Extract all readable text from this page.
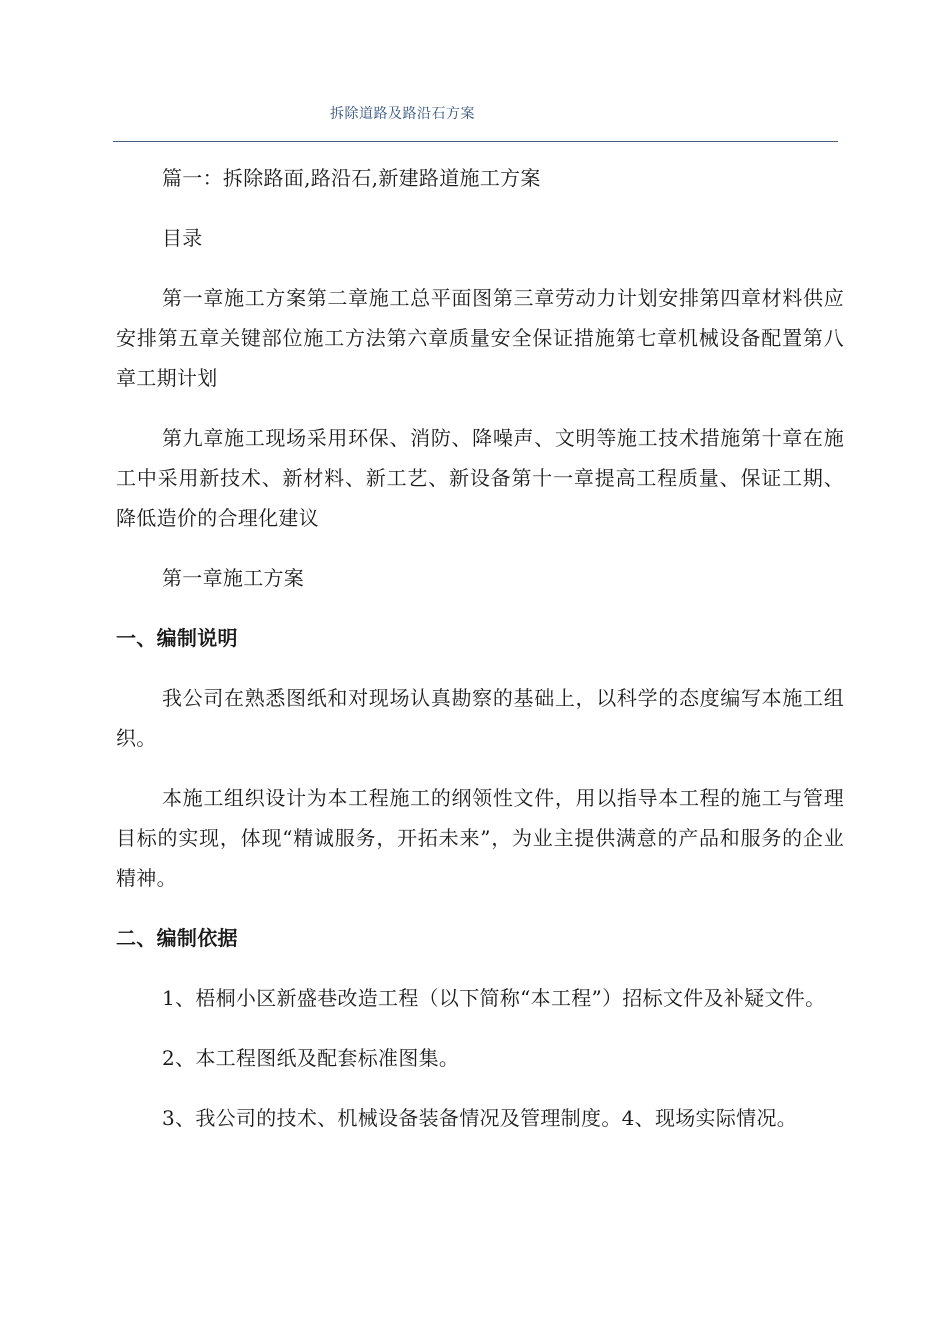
拆除道路及路沿石方案

篇一：拆除路面,路沿石,新建路道施工方案

目录

第一章施工方案第二章施工总平面图第三章劳动力计划安排第四章材料供应安排第五章关键部位施工方法第六章质量安全保证措施第七章机械设备配置第八章工期计划

第九章施工现场采用环保、消防、降噪声、文明等施工技术措施第十章在施工中采用新技术、新材料、新工艺、新设备第十一章提高工程质量、保证工期、降低造价的合理化建议

第一章施工方案

一、编制说明

我公司在熟悉图纸和对现场认真勘察的基础上，以科学的态度编写本施工组织。

本施工组织设计为本工程施工的纲领性文件，用以指导本工程的施工与管理目标的实现，体现“精诚服务，开拓未来”，为业主提供满意的产品和服务的企业精神。

二、编制依据

1、梧桐小区新盛巷改造工程（以下简称“本工程”）招标文件及补疑文件。

2、本工程图纸及配套标准图集。

3、我公司的技术、机械设备装备情况及管理制度。4、现场实际情况。
